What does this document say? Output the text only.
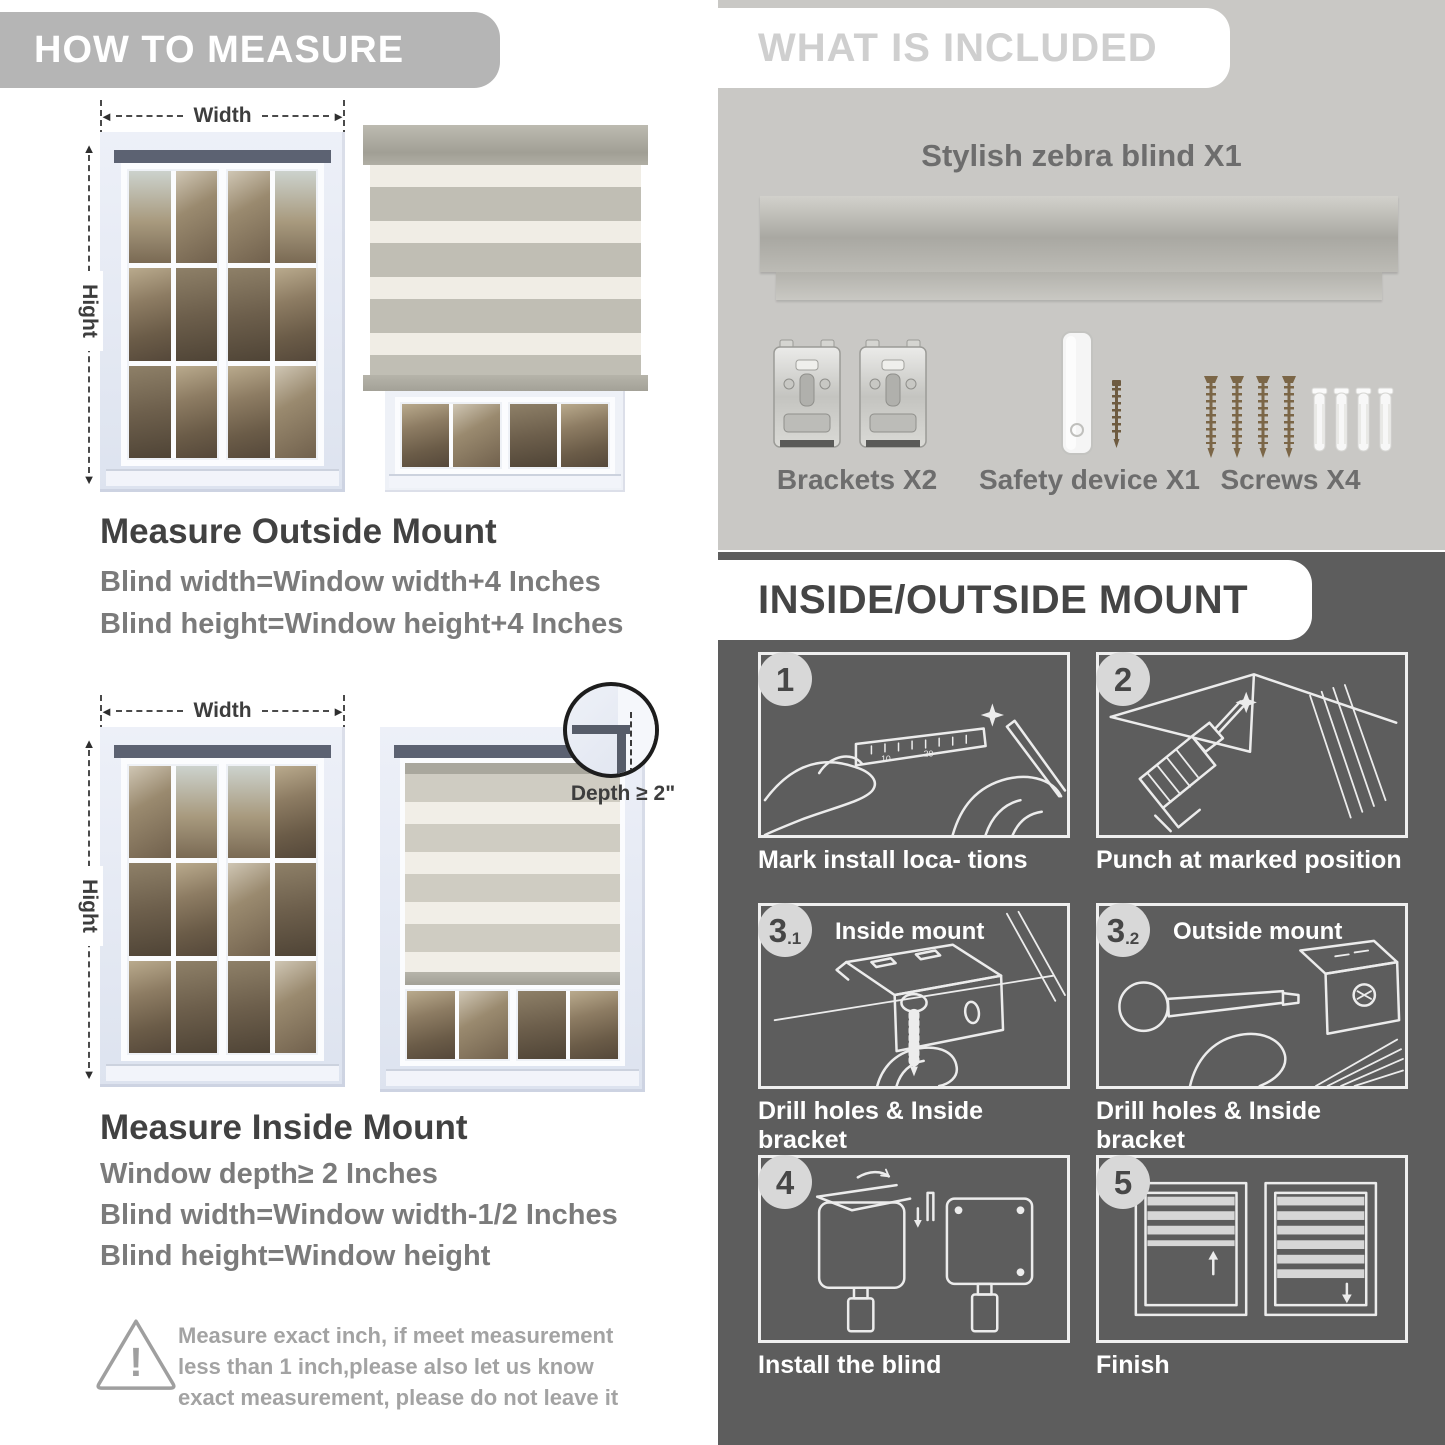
HOW TO MEASURE
◄	Width	►
▲
▼
Hight
Measure Outside Mount
Blind width=Window width+4 Inches
Blind height=Window height+4 Inches
◄	Width	►
▲
▼
Hight
Depth ≥ 2"
Measure Inside Mount
Window depth≥ 2 Inches
Blind width=Window width-1/2 Inches
Blind height=Window height
!
Measure exact inch, if meet measurement less than 1 inch,please also let us know exact measurement, please do not leave it
WHAT IS INCLUDED
Stylish zebra blind X1
Brackets X2	Safety device X1 Screws X4
INSIDE/OUTSIDE MOUNT
10	20
1
Mark install loca- tions
2
Punch at marked position
3 .1 Inside mount
Drill holes & Inside bracket
3 .2 Outside mount
Drill holes & Inside bracket
4
Install the blind
5
Finish
